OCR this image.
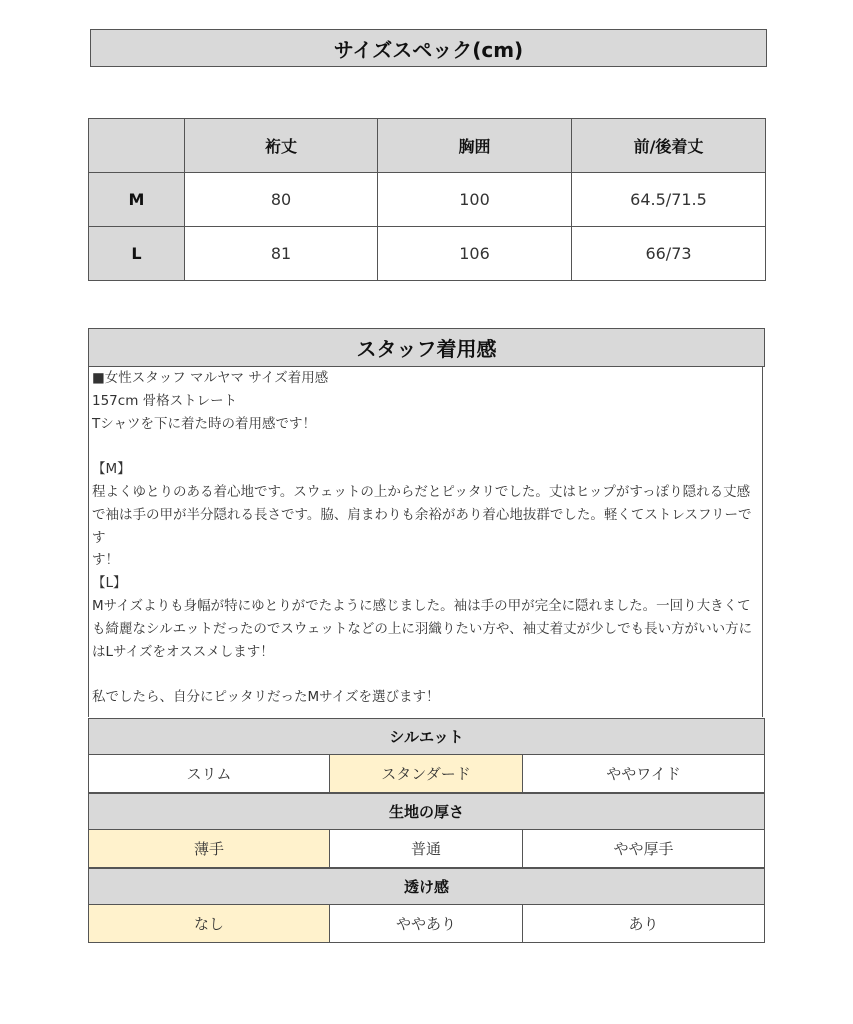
サイズスペック(cm)
	裄丈	胸囲	前/後着丈
M	80	100	64.5/71.5
L	81	106	66/73
スタッフ着用感

■女性スタッフ マルヤマ サイズ着用感

157cm 骨格ストレート

Tシャツを下に着た時の着用感です！

【M】

程よくゆとりのある着心地です。スウェットの上からだとピッタリでした。丈はヒップがすっぽり隠れる丈感

で袖は手の甲が半分隠れる長さです。脇、肩まわりも余裕があり着心地抜群でした。軽くてストレスフリーです

す！

【L】

Mサイズよりも身幅が特にゆとりがでたように感じました。袖は手の甲が完全に隠れました。一回り大きくて

も綺麗なシルエットだったのでスウェットなどの上に羽織りたい方や、袖丈着丈が少しでも長い方がいい方に

はLサイズをオススメします！

私でしたら、自分にピッタリだったMサイズを選びます！

シルエット
スリム	スタンダード	ややワイド
生地の厚さ
薄手	普通	やや厚手
透け感
なし	ややあり	あり
